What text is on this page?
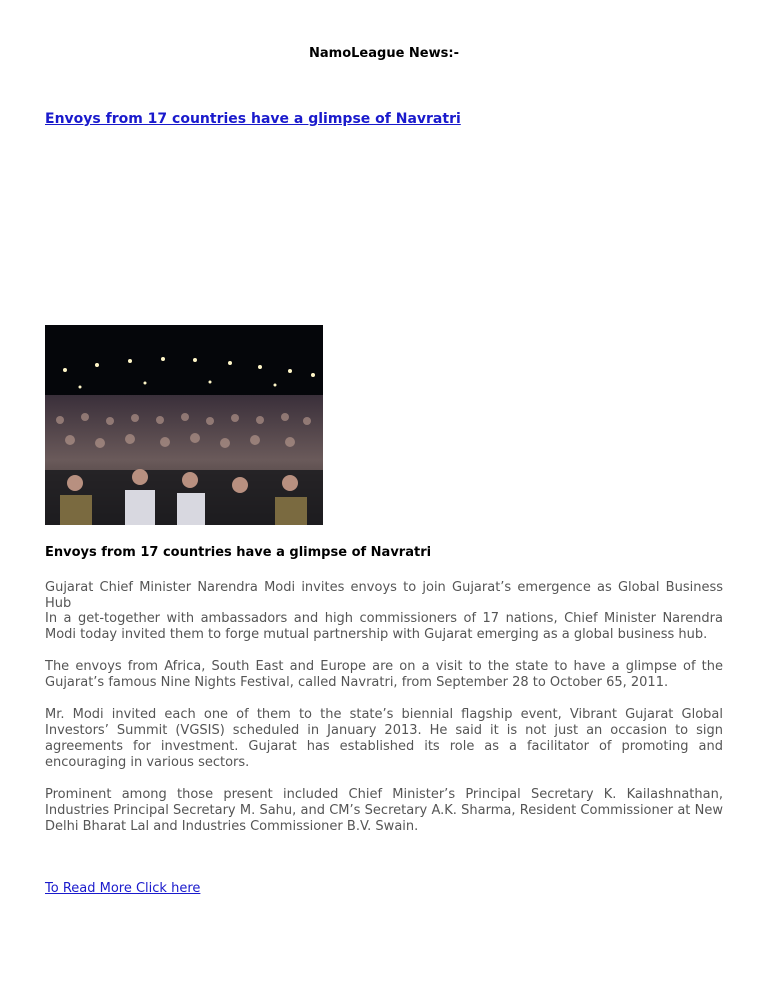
NamoLeague News:-
Envoys from 17 countries have a glimpse of Navratri
Envoys from 17 countries have a glimpse of Navratri

Gujarat Chief Minister Narendra Modi invites envoys to join Gujarat’s emergence as Global Business Hub

In a get-together with ambassadors and high commissioners of 17 nations, Chief Minister Narendra Modi today invited them to forge mutual partnership with Gujarat emerging as a global business hub.

The envoys from Africa, South East and Europe are on a visit to the state to have a glimpse of the Gujarat’s famous Nine Nights Festival, called Navratri, from September 28 to October 65, 2011.

Mr. Modi invited each one of them to the state’s biennial flagship event, Vibrant Gujarat Global Investors’ Summit (VGSIS) scheduled in January 2013. He said it is not just an occasion to sign agreements for investment. Gujarat has established its role as a facilitator of promoting and encouraging in various sectors.

Prominent among those present included Chief Minister’s Principal Secretary K. Kailashnathan, Industries Principal Secretary M. Sahu, and CM’s Secretary A.K. Sharma, Resident Commissioner at New Delhi Bharat Lal and Industries Commissioner B.V. Swain.

To Read More Click here
